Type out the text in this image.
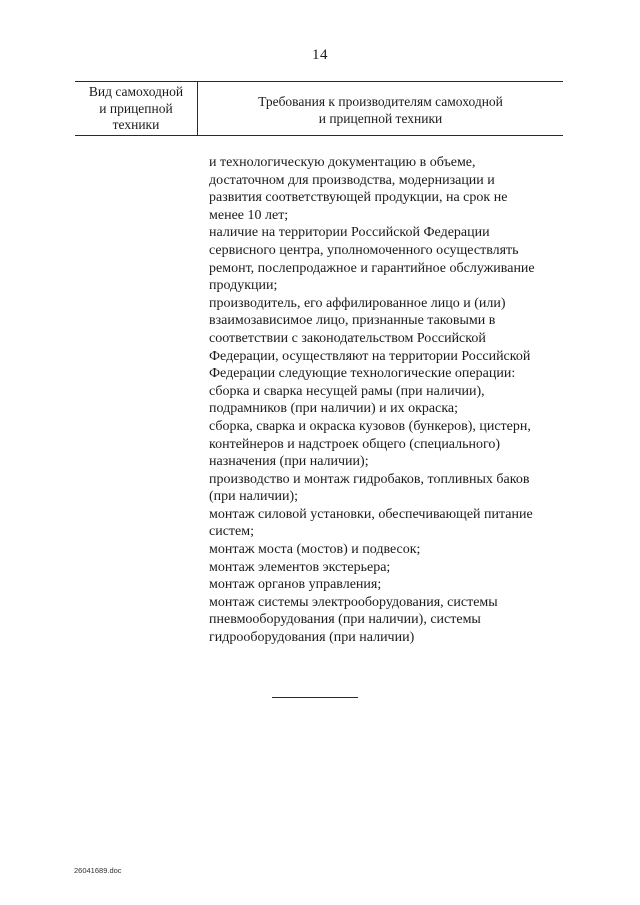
14
Вид самоходной
и прицепной
техники
Требования к производителям самоходной
и прицепной техники
и технологическую документацию в объеме,
достаточном для производства, модернизации и
развития соответствующей продукции, на срок не
менее 10 лет;
наличие на территории Российской Федерации
сервисного центра, уполномоченного осуществлять
ремонт, послепродажное и гарантийное обслуживание
продукции;
производитель, его аффилированное лицо и (или)
взаимозависимое лицо, признанные таковыми в
соответствии с законодательством Российской
Федерации, осуществляют на территории Российской
Федерации следующие технологические операции:
сборка и сварка несущей рамы (при наличии),
подрамников (при наличии) и их окраска;
сборка, сварка и окраска кузовов (бункеров), цистерн,
контейнеров и надстроек общего (специального)
назначения (при наличии);
производство и монтаж гидробаков, топливных баков
(при наличии);
монтаж силовой установки, обеспечивающей питание
систем;
монтаж моста (мостов) и подвесок;
монтаж элементов экстерьера;
монтаж органов управления;
монтаж системы электрооборудования, системы
пневмооборудования (при наличии), системы
гидрооборудования (при наличии)
26041689.doc
